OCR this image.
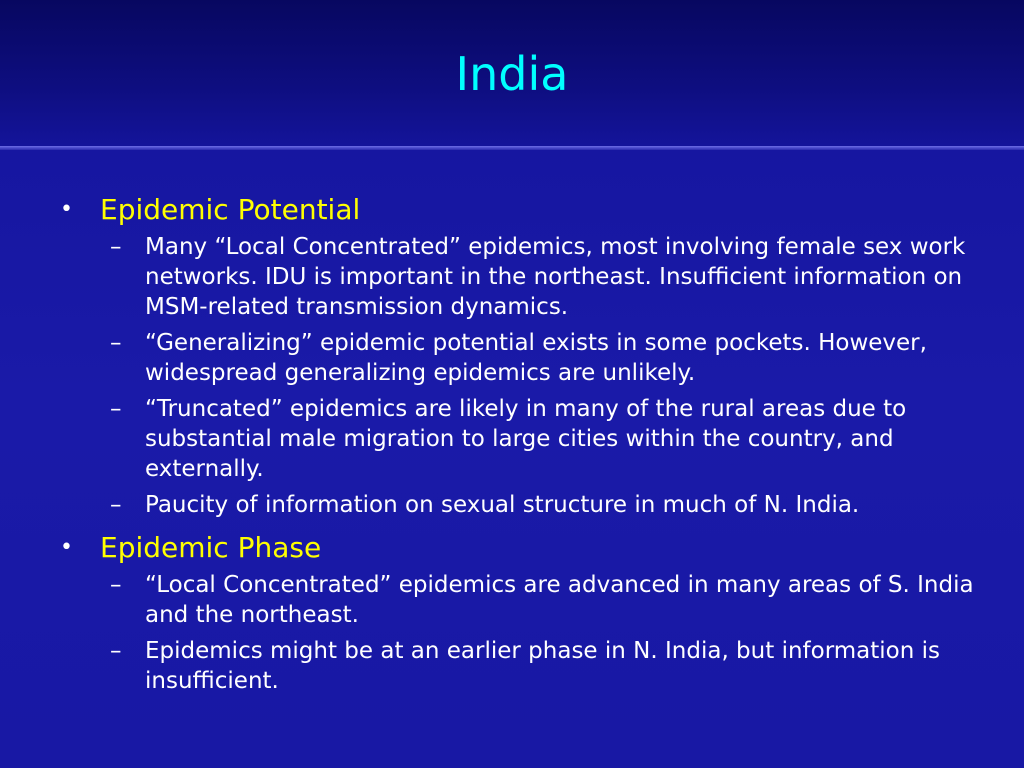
India
• Epidemic Potential
– Many “Local Concentrated” epidemics, most involving female sex work networks. IDU is important in the northeast. Insufficient information on MSM-related transmission dynamics.
– “Generalizing” epidemic potential exists in some pockets. However, widespread generalizing epidemics are unlikely.
– “Truncated” epidemics are likely in many of the rural areas due to substantial male migration to large cities within the country, and externally.
– Paucity of information on sexual structure in much of N. India.
• Epidemic Phase
– “Local Concentrated” epidemics are advanced in many areas of S. India and the northeast.
– Epidemics might be at an earlier phase in N. India, but information is insufficient.
